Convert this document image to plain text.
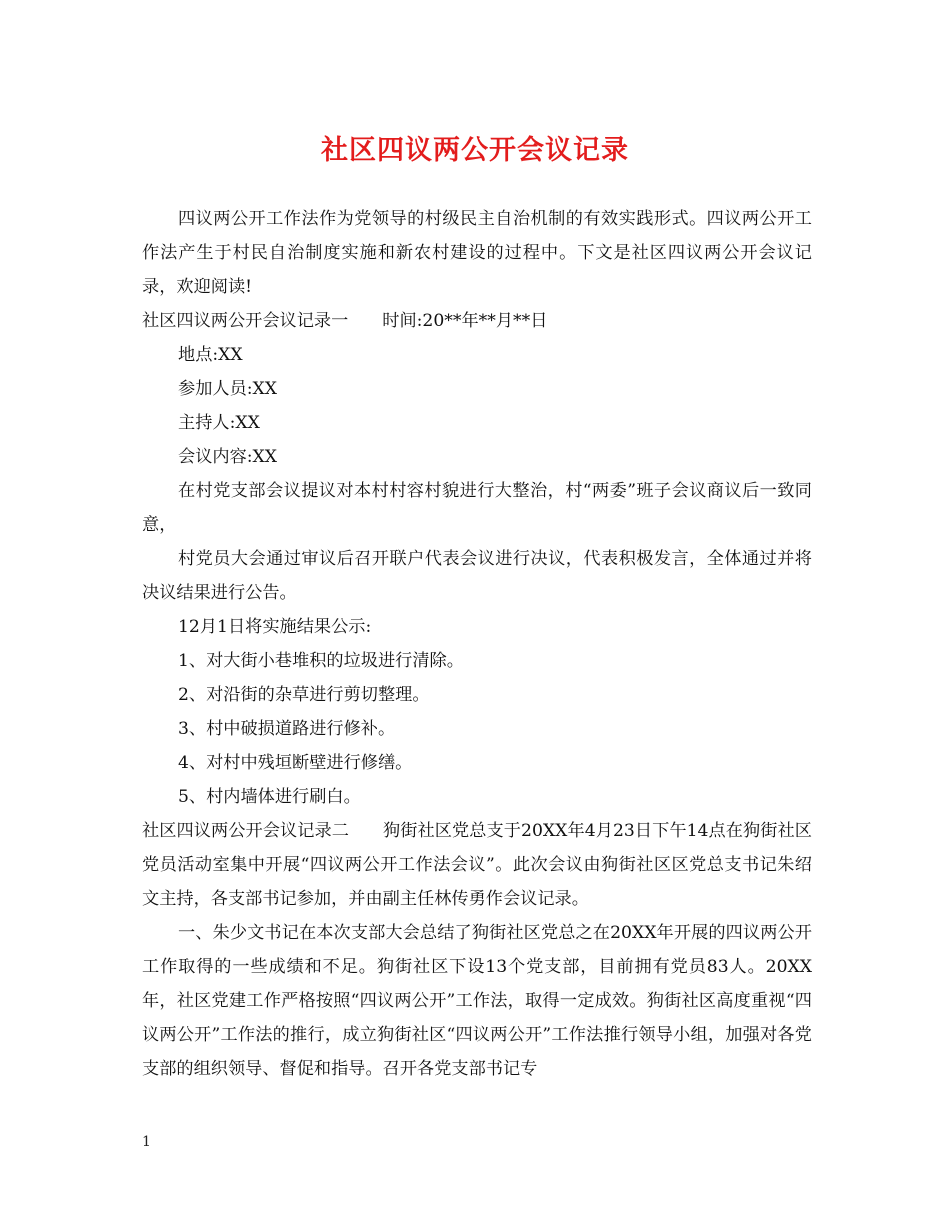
社区四议两公开会议记录

四议两公开工作法作为党领导的村级民主自治机制的有效实践形式。四议两公开工作法产生于村民自治制度实施和新农村建设的过程中。下文是社区四议两公开会议记录，欢迎阅读!

社区四议两公开会议记录一 时间:20**年**月**日

地点:XX

参加人员:XX

主持人:XX

会议内容:XX

在村党支部会议提议对本村村容村貌进行大整治，村“两委”班子会议商议后一致同意，

村党员大会通过审议后召开联户代表会议进行决议，代表积极发言，全体通过并将决议结果进行公告。

12月1日将实施结果公示:

1、对大街小巷堆积的垃圾进行清除。

2、对沿街的杂草进行剪切整理。

3、村中破损道路进行修补。

4、对村中残垣断壁进行修缮。

5、村内墙体进行刷白。

社区四议两公开会议记录二 狗街社区党总支于20XX年4月23日下午14点在狗街社区党员活动室集中开展“四议两公开工作法会议”。此次会议由狗街社区区党总支书记朱绍文主持，各支部书记参加，并由副主任林传勇作会议记录。

一、朱少文书记在本次支部大会总结了狗街社区党总之在20XX年开展的四议两公开工作取得的一些成绩和不足。狗街社区下设13个党支部，目前拥有党员83人。20XX年，社区党建工作严格按照“四议两公开”工作法，取得一定成效。狗街社区高度重视“四议两公开”工作法的推行，成立狗街社区“四议两公开”工作法推行领导小组，加强对各党支部的组织领导、督促和指导。召开各党支部书记专

1
